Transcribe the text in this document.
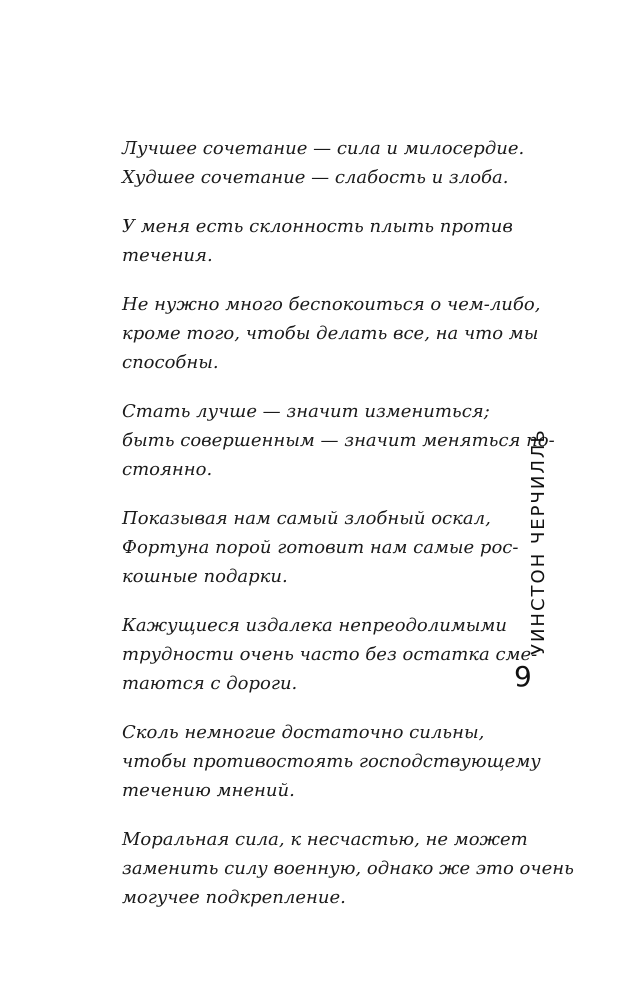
Лучшее сочетание — сила и милосердие.
Худшее сочетание — слабость и злоба.

У меня есть склонность плыть против
течения.

Не нужно много беспокоиться о чем-либо,
кроме того, чтобы делать все, на что мы
способны.

Стать лучше — значит измениться;
быть совершенным — значит меняться по-
стоянно.

Показывая нам самый злобный оскал,
Фортуна порой готовит нам самые рос-
кошные подарки.

Кажущиеся издалека непреодолимыми
трудности очень часто без остатка сме-
таются с дороги.

Сколь немногие достаточно сильны,
чтобы противостоять господствующему
течению мнений.

Моральная сила, к несчастью, не может
заменить силу военную, однако же это очень
могучее подкрепление.

УИНСТОН ЧЕРЧИЛЛЬ
9
